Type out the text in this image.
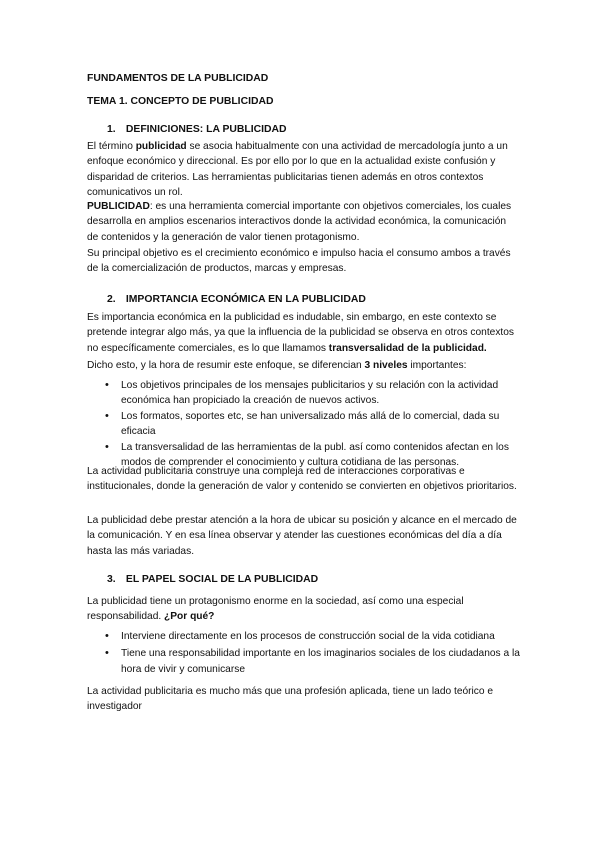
FUNDAMENTOS DE LA PUBLICIDAD
TEMA 1. CONCEPTO DE PUBLICIDAD
1. DEFINICIONES: LA PUBLICIDAD
El término publicidad se asocia habitualmente con una actividad de mercadología junto a un enfoque económico y direccional. Es por ello por lo que en la actualidad existe confusión y disparidad de criterios. Las herramientas publicitarias tienen además en otros contextos comunicativos un rol.
PUBLICIDAD: es una herramienta comercial importante con objetivos comerciales, los cuales desarrolla en amplios escenarios interactivos donde la actividad económica, la comunicación de contenidos y la generación de valor tienen protagonismo.
Su principal objetivo es el crecimiento económico e impulso hacia el consumo ambos a través de la comercialización de productos, marcas y empresas.
2. IMPORTANCIA ECONÓMICA EN LA PUBLICIDAD
Es importancia económica en la publicidad es indudable, sin embargo, en este contexto se pretende integrar algo más, ya que la influencia de la publicidad se observa en otros contextos no específicamente comerciales, es lo que llamamos transversalidad de la publicidad.
Dicho esto, y la hora de resumir este enfoque, se diferencian 3 niveles importantes:
• Los objetivos principales de los mensajes publicitarios y su relación con la actividad económica han propiciado la creación de nuevos activos.
• Los formatos, soportes etc, se han universalizado más allá de lo comercial, dada su eficacia
• La transversalidad de las herramientas de la publ. así como contenidos afectan en los modos de comprender el conocimiento y cultura cotidiana de las personas.
La actividad publicitaria construye una compleja red de interacciones corporativas e institucionales, donde la generación de valor y contenido se convierten en objetivos prioritarios.
La publicidad debe prestar atención a la hora de ubicar su posición y alcance en el mercado de la comunicación. Y en esa línea observar y atender las cuestiones económicas del día a día hasta las más variadas.
3. EL PAPEL SOCIAL DE LA PUBLICIDAD
La publicidad tiene un protagonismo enorme en la sociedad, así como una especial responsabilidad. ¿Por qué?
• Interviene directamente en los procesos de construcción social de la vida cotidiana
• Tiene una responsabilidad importante en los imaginarios sociales de los ciudadanos a la hora de vivir y comunicarse
La actividad publicitaria es mucho más que una profesión aplicada, tiene un lado teórico e investigador
